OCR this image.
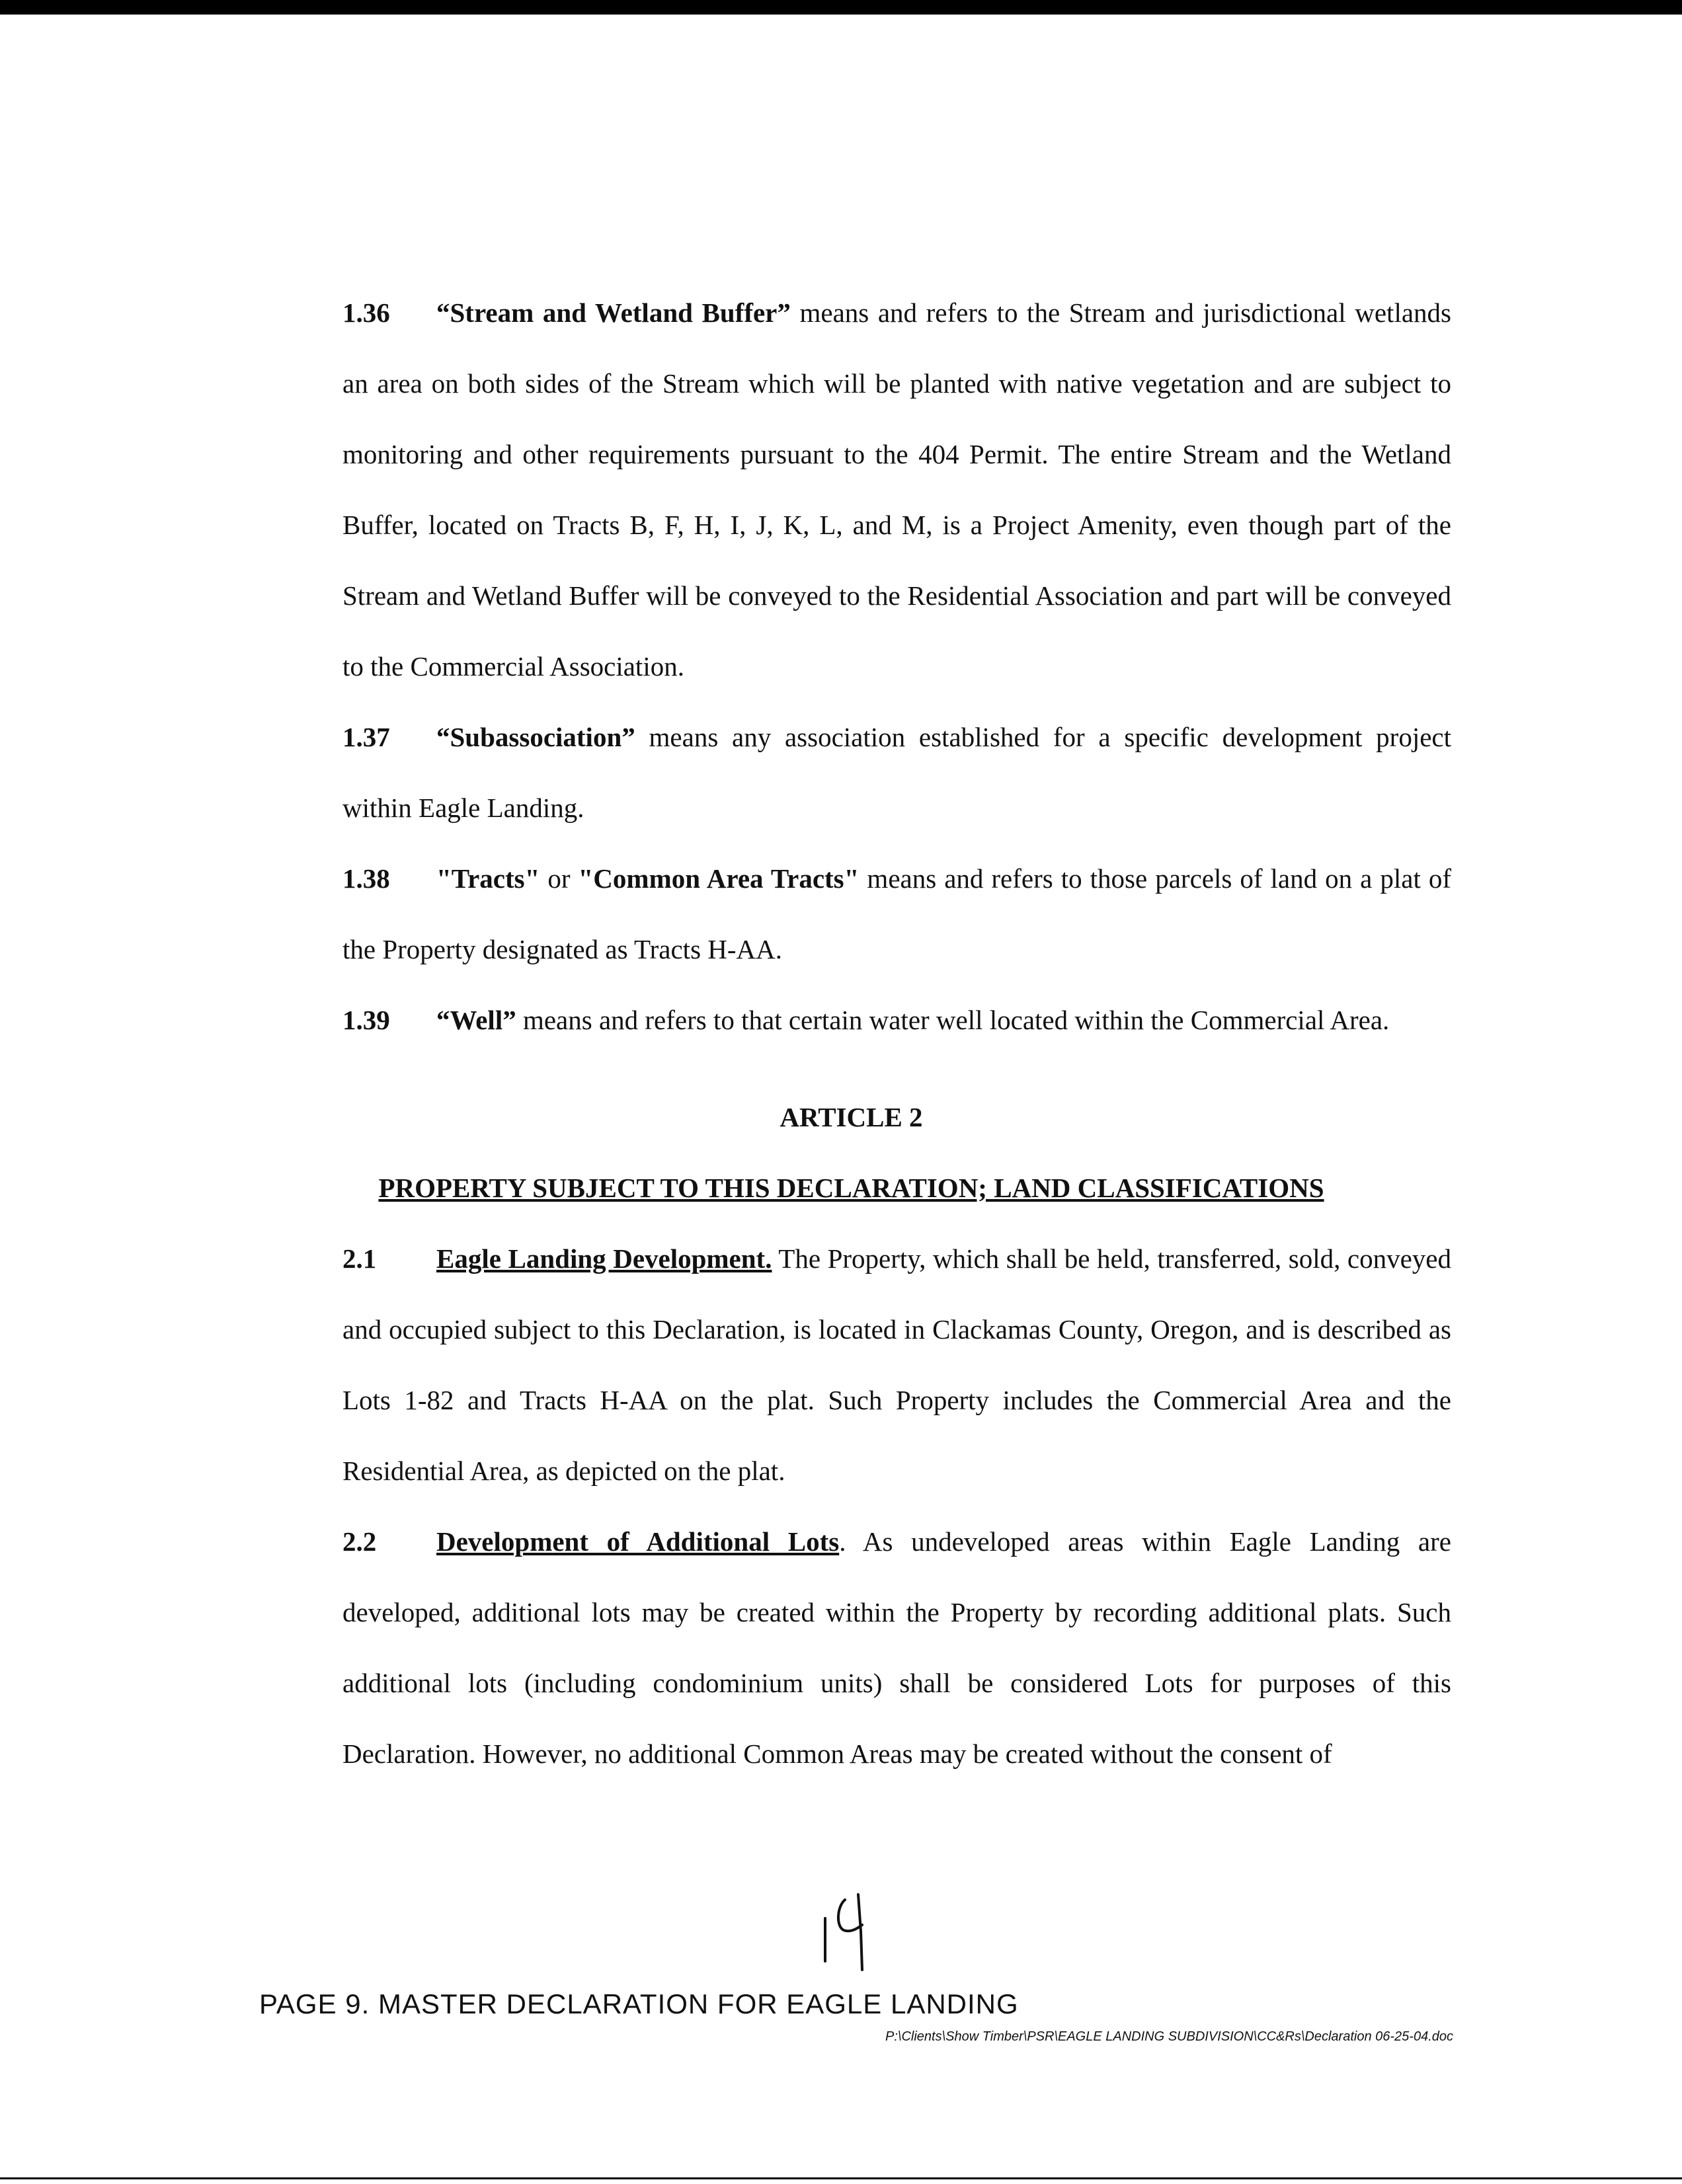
1.36 “Stream and Wetland Buffer” means and refers to the Stream and jurisdictional wetlands an area on both sides of the Stream which will be planted with native vegetation and are subject to monitoring and other requirements pursuant to the 404 Permit. The entire Stream and the Wetland Buffer, located on Tracts B, F, H, I, J, K, L, and M, is a Project Amenity, even though part of the Stream and Wetland Buffer will be conveyed to the Residential Association and part will be conveyed to the Commercial Association.

1.37 “Subassociation” means any association established for a specific development project within Eagle Landing.

1.38 "Tracts" or "Common Area Tracts" means and refers to those parcels of land on a plat of the Property designated as Tracts H-AA.

1.39 “Well” means and refers to that certain water well located within the Commercial Area.

ARTICLE 2

PROPERTY SUBJECT TO THIS DECLARATION; LAND CLASSIFICATIONS

2.1 Eagle Landing Development. The Property, which shall be held, transferred, sold, conveyed and occupied subject to this Declaration, is located in Clackamas County, Oregon, and is described as Lots 1-82 and Tracts H-AA on the plat. Such Property includes the Commercial Area and the Residential Area, as depicted on the plat.

2.2 Development of Additional Lots. As undeveloped areas within Eagle Landing are developed, additional lots may be created within the Property by recording additional plats. Such additional lots (including condominium units) shall be considered Lots for purposes of this Declaration. However, no additional Common Areas may be created without the consent of

PAGE 9. MASTER DECLARATION FOR EAGLE LANDING

P:\Clients\Show Timber\PSR\EAGLE LANDING SUBDIVISION\CC&Rs\Declaration 06-25-04.doc
